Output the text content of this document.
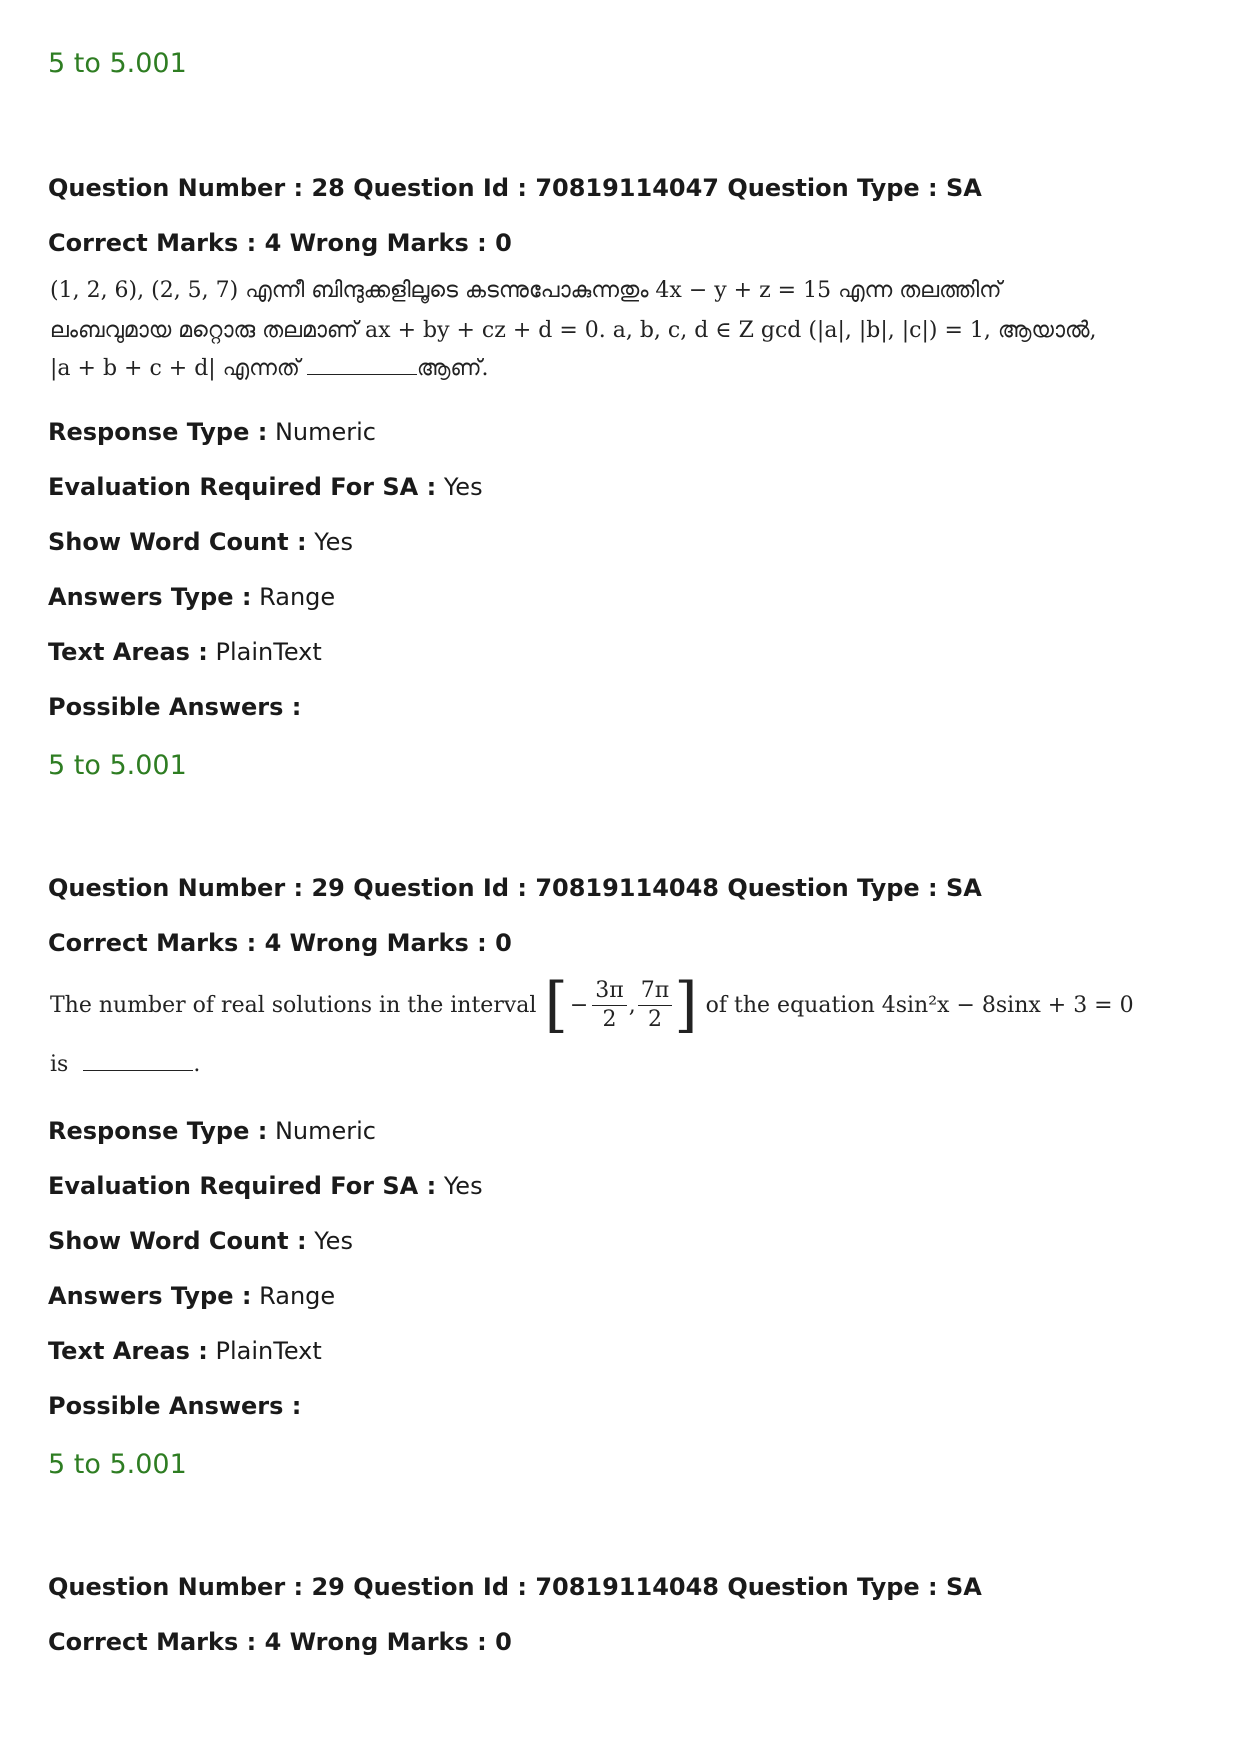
5 to 5.001
Question Number : 28 Question Id : 70819114047 Question Type : SA
Correct Marks : 4 Wrong Marks : 0
(1, 2, 6), (2, 5, 7) എന്നീ ബിന്ദുക്കളിലൂടെ കടന്നുപോകുന്നതും 4x − y + z = 15 എന്ന തലത്തിന്
ലംബവുമായ മറ്റൊരു തലമാണ് ax + by + cz + d = 0. a, b, c, d ∈ Z gcd (|a|, |b|, |c|) = 1, ആയാൽ,
|a + b + c + d| എന്നത്	ആണ്.
Response Type : Numeric
Evaluation Required For SA : Yes
Show Word Count : Yes
Answers Type : Range
Text Areas : PlainText
Possible Answers :
5 to 5.001
Question Number : 29 Question Id : 70819114048 Question Type : SA
Correct Marks : 4 Wrong Marks : 0
The number of real solutions in the interval [ − $\frac{3\pi}{2}$ , $\frac{7\pi}{2}$ ] of the equation 4sin²x − 8sinx + 3 = 0
is	.
Response Type : Numeric
Evaluation Required For SA : Yes
Show Word Count : Yes
Answers Type : Range
Text Areas : PlainText
Possible Answers :
5 to 5.001
Question Number : 29 Question Id : 70819114048 Question Type : SA
Correct Marks : 4 Wrong Marks : 0
